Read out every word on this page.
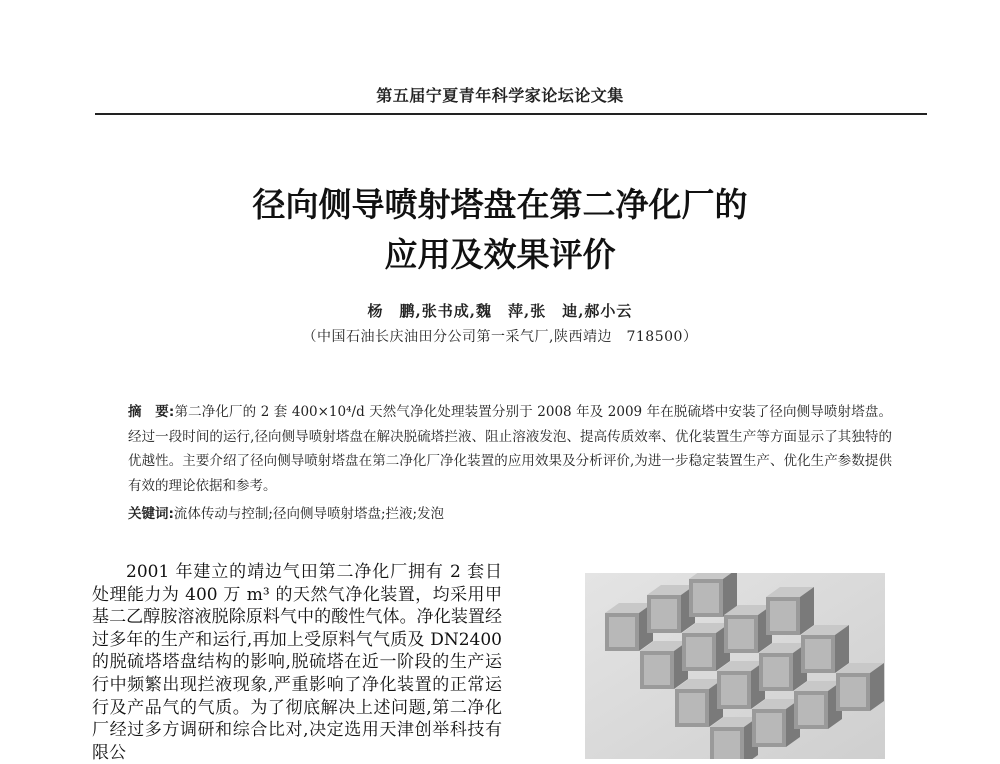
第五届宁夏青年科学家论坛论文集
径向侧导喷射塔盘在第二净化厂的
应用及效果评价
杨　鹏,张书成,魏　萍,张　迪,郝小云
（中国石油长庆油田分公司第一采气厂,陕西靖边　718500）
摘　要:第二净化厂的 2 套 400×10⁴/d 天然气净化处理装置分别于 2008 年及 2009 年在脱硫塔中安装了径向侧导喷射塔盘。经过一段时间的运行,径向侧导喷射塔盘在解决脱硫塔拦液、阻止溶液发泡、提高传质效率、优化装置生产等方面显示了其独特的优越性。主要介绍了径向侧导喷射塔盘在第二净化厂净化装置的应用效果及分析评价,为进一步稳定装置生产、优化生产参数提供有效的理论依据和参考。
关键词:流体传动与控制;径向侧导喷射塔盘;拦液;发泡
2001 年建立的靖边气田第二净化厂拥有 2 套日处理能力为 400 万 m³ 的天然气净化装置，均采用甲基二乙醇胺溶液脱除原料气中的酸性气体。净化装置经过多年的生产和运行,再加上受原料气气质及 DN2400 的脱硫塔塔盘结构的影响,脱硫塔在近一阶段的生产运行中频繁出现拦液现象,严重影响了净化装置的正常运行及产品气的气质。为了彻底解决上述问题,第二净化厂经过多方调研和综合比对,决定选用天津创举科技有限公
